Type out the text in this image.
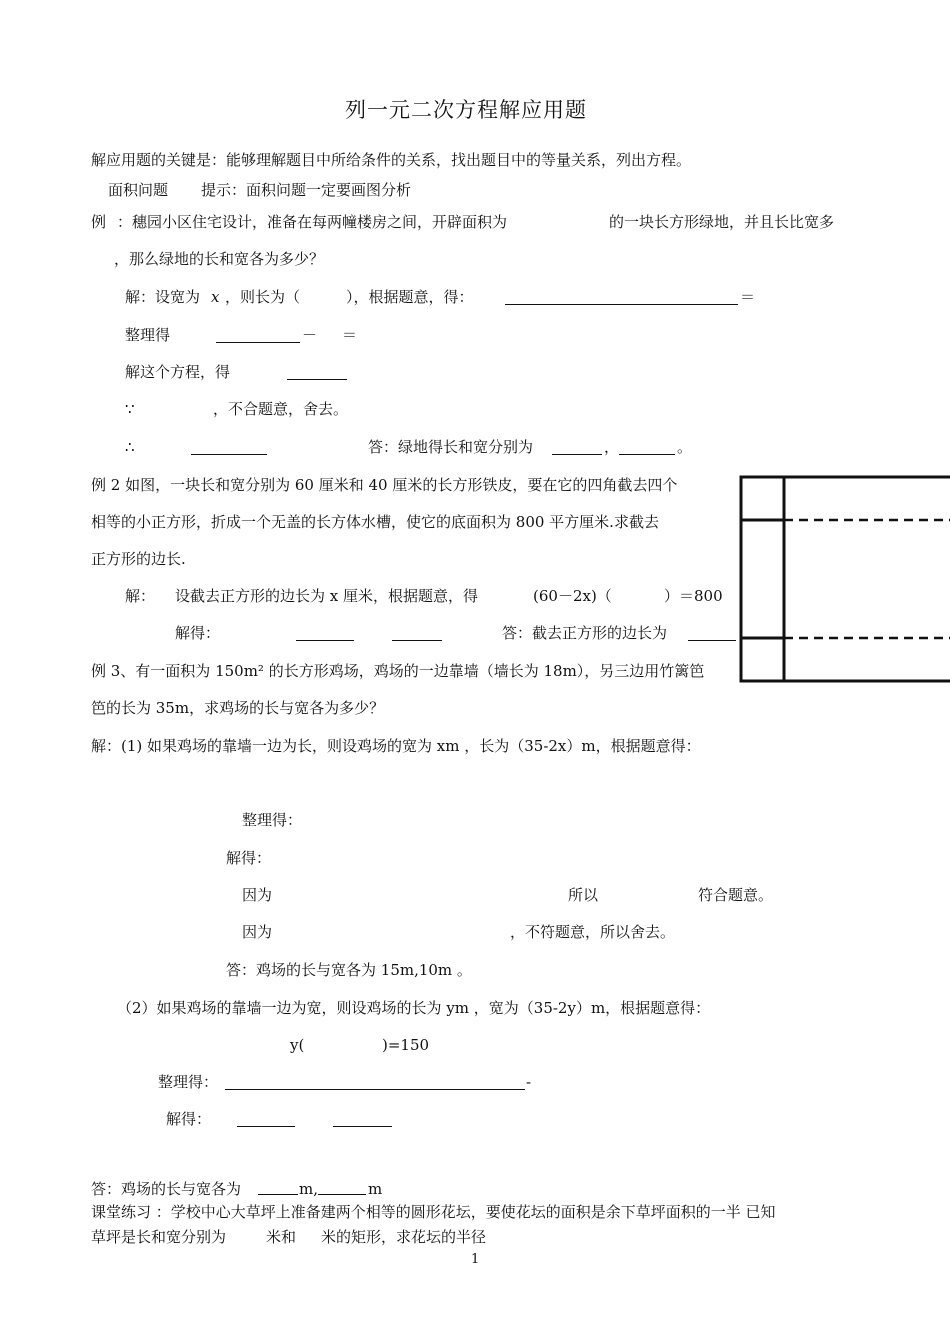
列一元二次方程解应用题
解应用题的关键是：能够理解题目中所给条件的关系，找出题目中的等量关系，列出方程。
面积问题 提示：面积问题一定要画图分析
例 ：穗园小区住宅设计，准备在每两幢楼房之间，开辟面积为	的一块长方形绿地，并且长比宽多
，那么绿地的长和宽各为多少？
解：设宽为 x ，则长为（	），根据题意，得：	＝
整理得	－ ＝
解这个方程，得
∵	，不合题意，舍去。
∴	答：绿地得长和宽分别为	，	。
例 2 如图，一块长和宽分别为 60 厘米和 40 厘米的长方形铁皮，要在它的四角截去四个
相等的小正方形，折成一个无盖的长方体水槽，使它的底面积为 800 平方厘米.求截去
正方形的边长.
解： 设截去正方形的边长为 x 厘米，根据题意，得	(60－2x)（	）＝800
解得：	答：截去正方形的边长为
例 3、有一面积为 150m² 的长方形鸡场，鸡场的一边靠墙（墙长为 18m），另三边用竹篱笆
笆的长为 35m，求鸡场的长与宽各为多少？
解：(1) 如果鸡场的靠墙一边为长，则设鸡场的宽为 xm ，长为（35-2x）m，根据题意得：
整理得：
解得：
因为	所以	符合题意。
因为	，不符题意，所以舍去。
答：鸡场的长与宽各为 15m,10m 。
（2）如果鸡场的靠墙一边为宽，则设鸡场的长为 ym ，宽为（35-2y）m，根据题意得：
y(	)=150
整理得：	-
解得：
答：鸡场的长与宽各为	m,	m
课堂练习 ：学校中心大草坪上准备建两个相等的圆形花坛，要使花坛的面积是余下草坪面积的一半 已知
草坪是长和宽分别为	米和 米的矩形，求花坛的半径
1
